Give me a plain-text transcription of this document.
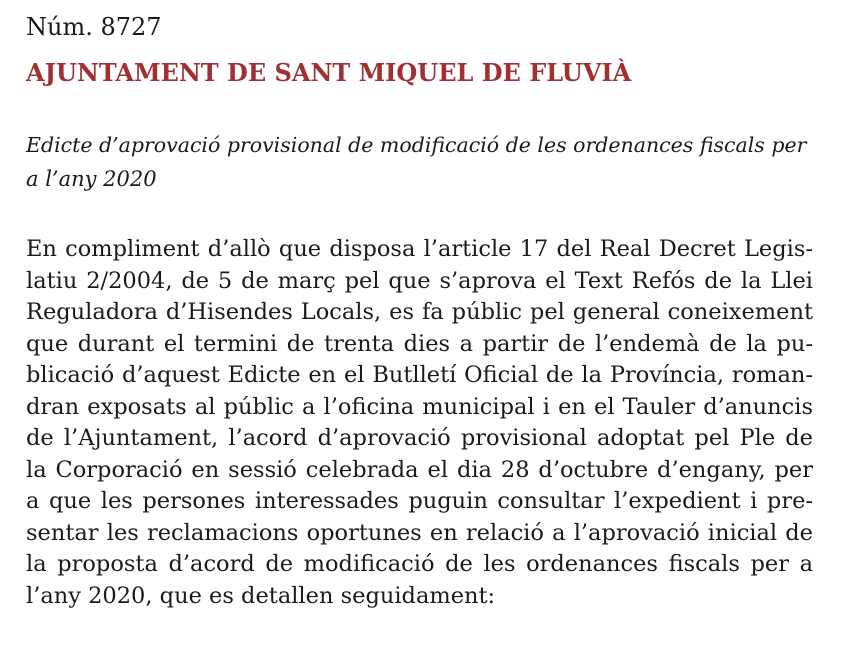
Núm. 8727
AJUNTAMENT DE SANT MIQUEL DE FLUVIÀ
Edicte d’aprovació provisional de modificació de les ordenances fiscals per
a l’any 2020
En compliment d’allò que disposa l’article 17 del Real Decret Legis-
latiu 2/2004, de 5 de març pel que s’aprova el Text Refós de la Llei
Reguladora d’Hisendes Locals, es fa públic pel general coneixement
que durant el termini de trenta dies a partir de l’endemà de la pu-
blicació d’aquest Edicte en el Butlletí Oficial de la Província, roman-
dran exposats al públic a l’oficina municipal i en el Tauler d’anuncis
de l’Ajuntament, l’acord d’aprovació provisional adoptat pel Ple de
la Corporació en sessió celebrada el dia 28 d’octubre d’engany, per
a que les persones interessades puguin consultar l’expedient i pre-
sentar les reclamacions oportunes en relació a l’aprovació inicial de
la proposta d’acord de modificació de les ordenances fiscals per a
l’any 2020, que es detallen seguidament:
